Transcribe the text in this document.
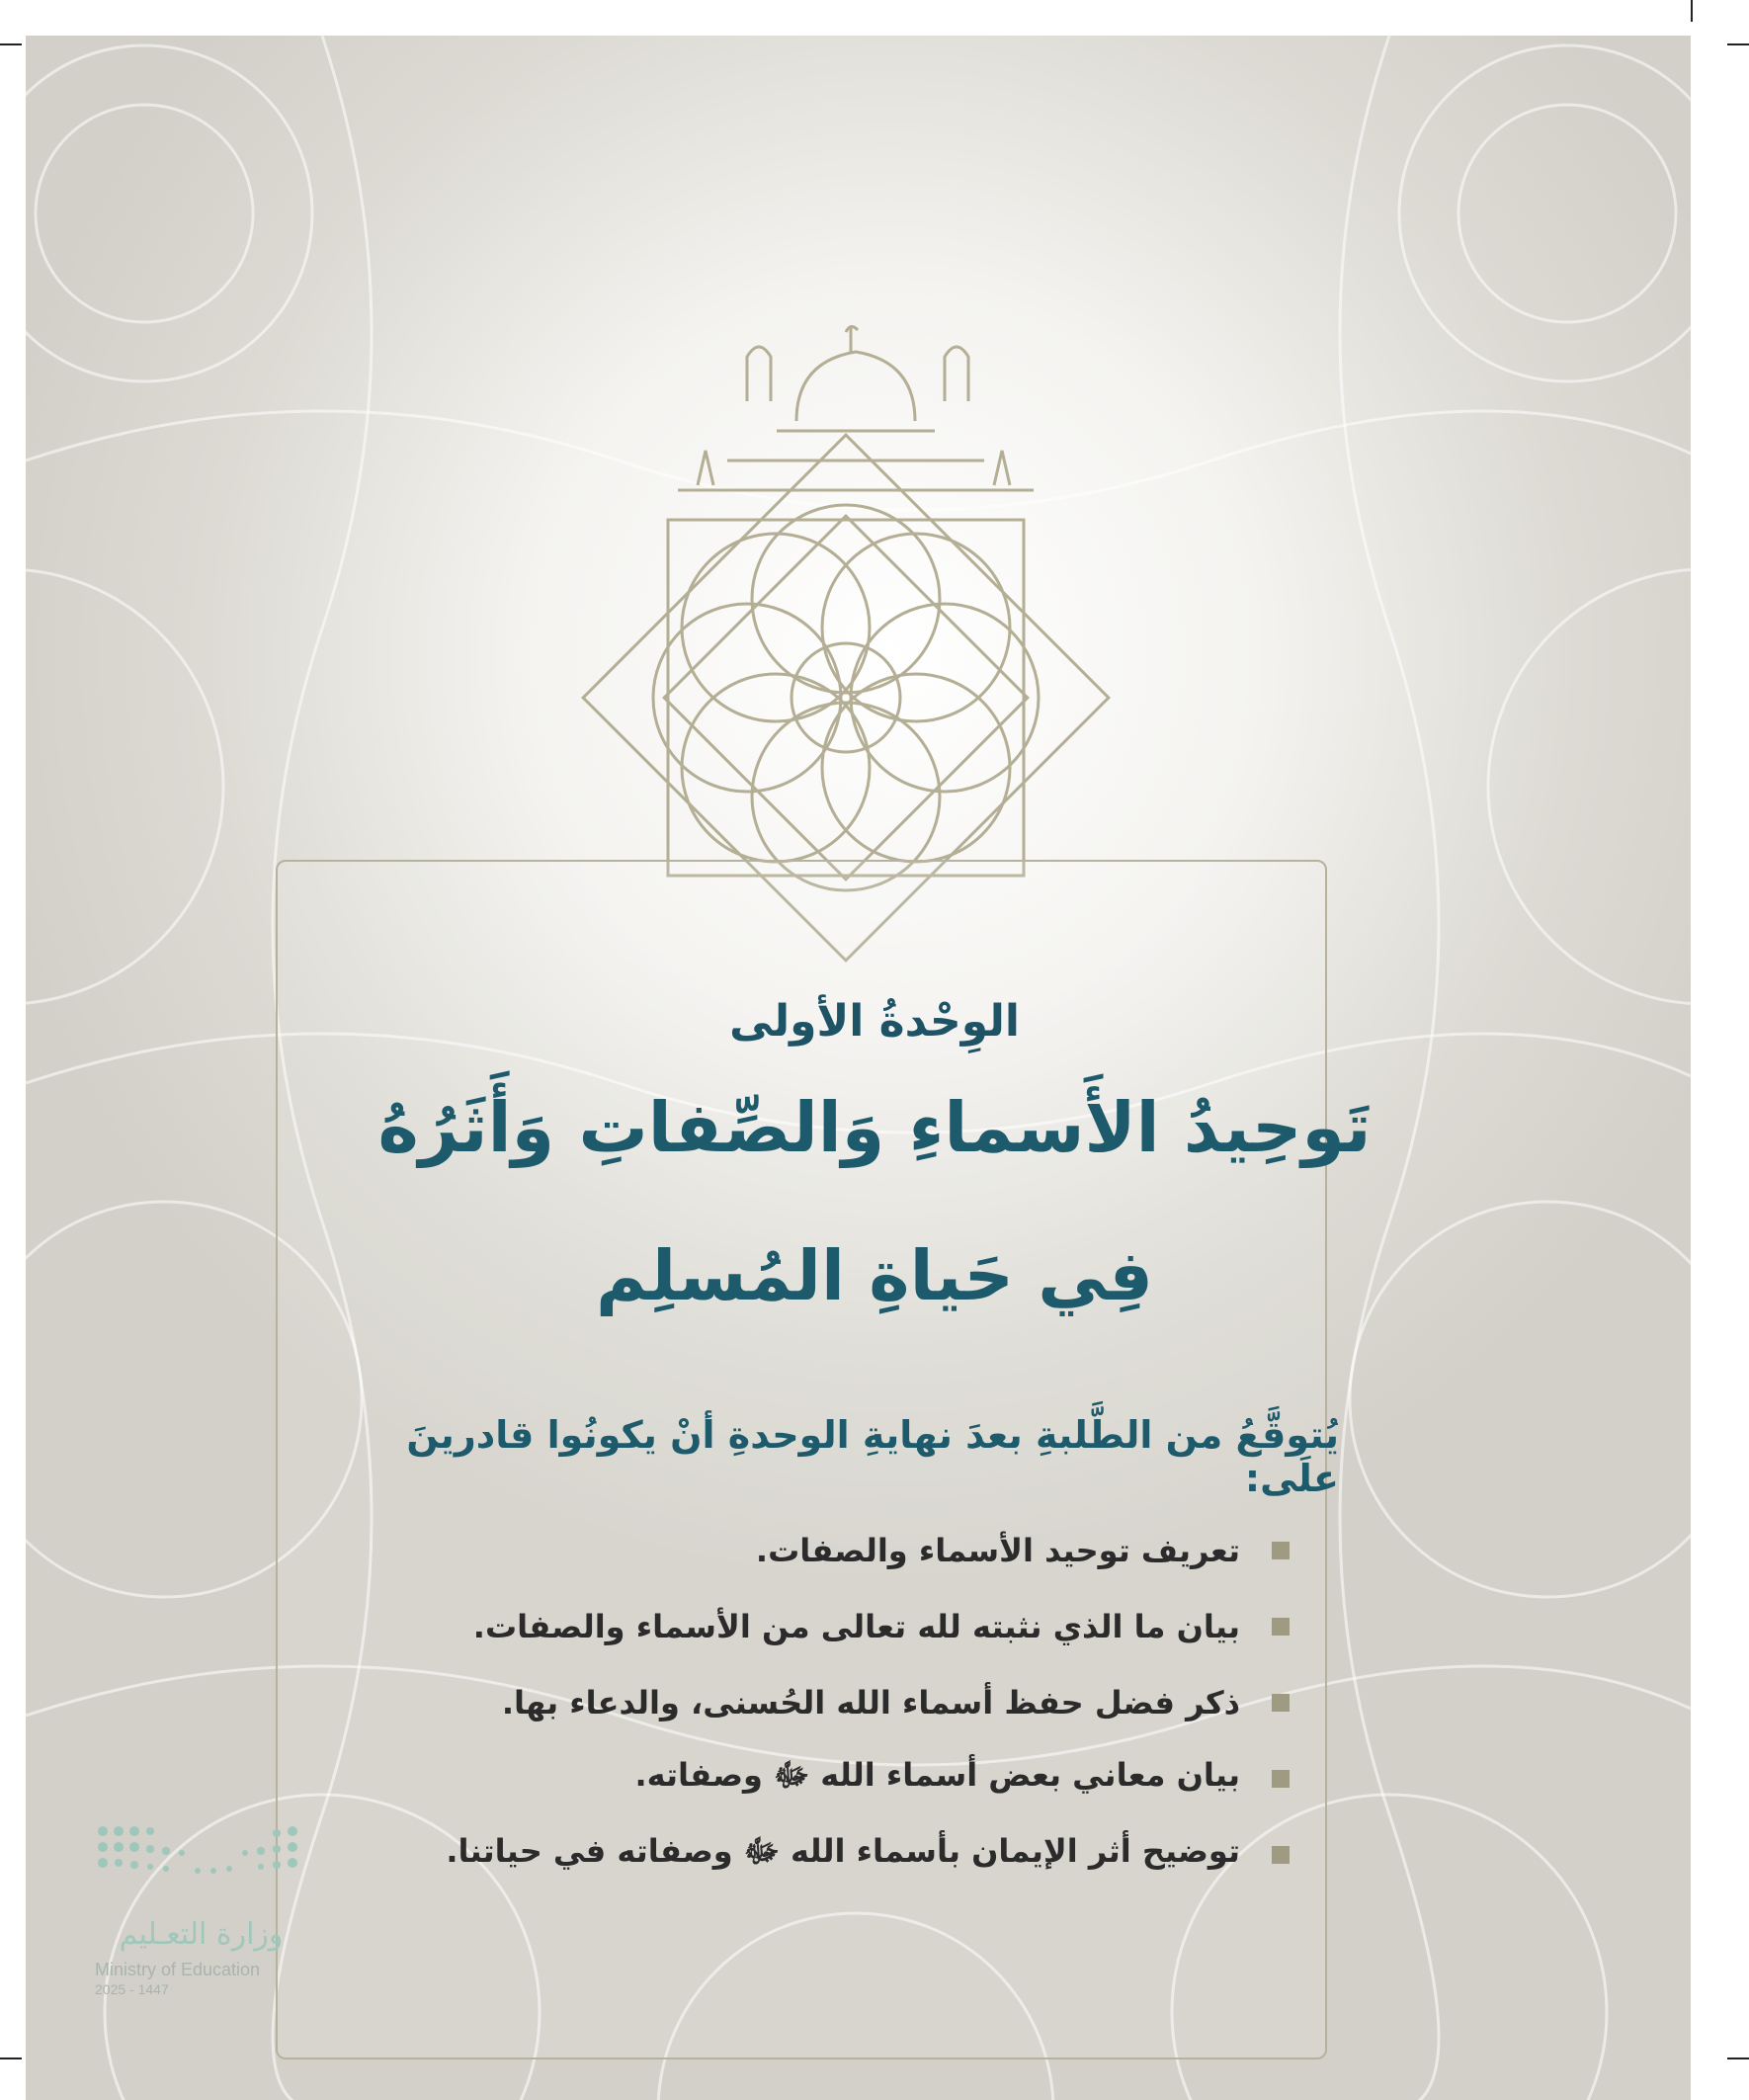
الوِحْدةُ الأولى
تَوحِيدُ الأَسماءِ وَالصِّفاتِ وَأَثَرُهُ
فِي حَياةِ المُسلِم
يُتوقَّعُ من الطَّلبةِ بعدَ نهايةِ الوحدةِ أنْ يكونُوا قادرينَ علَى:
تعريف توحيد الأسماء والصفات.
بيان ما الذي نثبته لله تعالى من الأسماء والصفات.
ذكر فضل حفظ أسماء الله الحُسنى، والدعاء بها.
بيان معاني بعض أسماء الله ﷻ وصفاته.
توضيح أثر الإيمان بأسماء الله ﷻ وصفاته في حياتنا.
وزارة التعـليم
Ministry of Education
2025 - 1447
